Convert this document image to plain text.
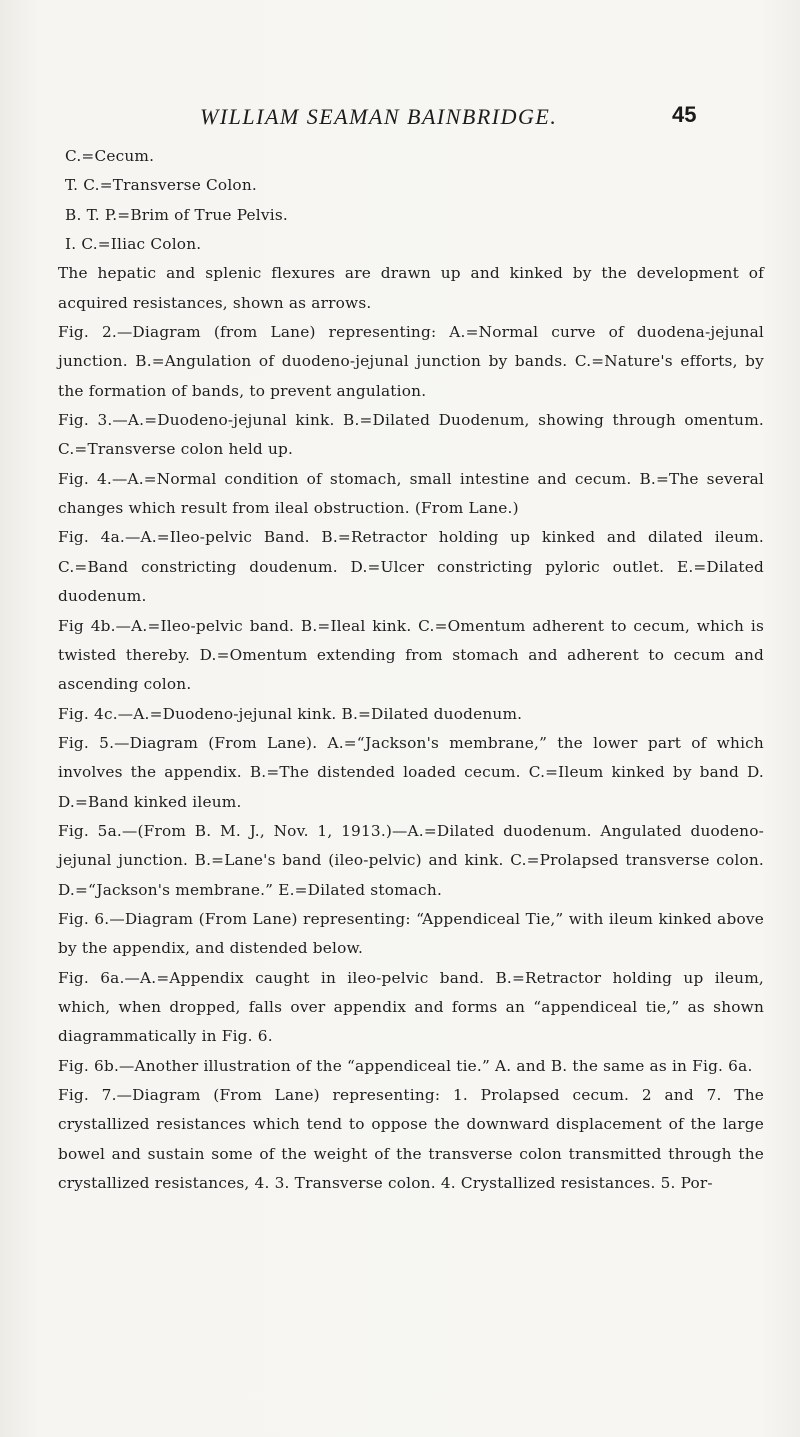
WILLIAM SEAMAN BAINBRIDGE.	45

C.=Cecum.

T. C.=Transverse Colon.

B. T. P.=Brim of True Pelvis.

I. C.=Iliac Colon.

The hepatic and splenic flexures are drawn up and kinked by the development of acquired resistances, shown as arrows.

Fig. 2.—Diagram (from Lane) representing: A.=Normal curve of duodena-jejunal junction. B.=Angulation of duodeno-jejunal junction by bands. C.=Nature's efforts, by the formation of bands, to prevent angulation.

Fig. 3.—A.=Duodeno-jejunal kink. B.=Dilated Duodenum, showing through omentum. C.=Transverse colon held up.

Fig. 4.—A.=Normal condition of stomach, small intestine and cecum. B.=The several changes which result from ileal obstruction. (From Lane.)

Fig. 4a.—A.=Ileo-pelvic Band. B.=Retractor holding up kinked and dilated ileum. C.=Band constricting doudenum. D.=Ulcer constricting pyloric outlet. E.=Dilated duodenum.

Fig 4b.—A.=Ileo-pelvic band. B.=Ileal kink. C.=Omentum adherent to cecum, which is twisted thereby. D.=Omentum extending from stomach and adherent to cecum and ascending colon.

Fig. 4c.—A.=Duodeno-jejunal kink. B.=Dilated duodenum.

Fig. 5.—Diagram (From Lane). A.=“Jackson's membrane,” the lower part of which involves the appendix. B.=The distended loaded cecum. C.=Ileum kinked by band D. D.=Band kinked ileum.

Fig. 5a.—(From B. M. J., Nov. 1, 1913.)—A.=Dilated duodenum. Angulated duodeno-jejunal junction. B.=Lane's band (ileo-pelvic) and kink. C.=Prolapsed transverse colon. D.=“Jackson's membrane.” E.=Dilated stomach.

Fig. 6.—Diagram (From Lane) representing: “Appendiceal Tie,” with ileum kinked above by the appendix, and distended below.

Fig. 6a.—A.=Appendix caught in ileo-pelvic band. B.=Retractor holding up ileum, which, when dropped, falls over appendix and forms an “appendiceal tie,” as shown diagrammatically in Fig. 6.

Fig. 6b.—Another illustration of the “appendiceal tie.” A. and B. the same as in Fig. 6a.

Fig. 7.—Diagram (From Lane) representing: 1. Prolapsed cecum. 2 and 7. The crystallized resistances which tend to oppose the downward displacement of the large bowel and sustain some of the weight of the transverse colon transmitted through the crystallized resistances, 4. 3. Transverse colon. 4. Crystallized resistances. 5. Por-
